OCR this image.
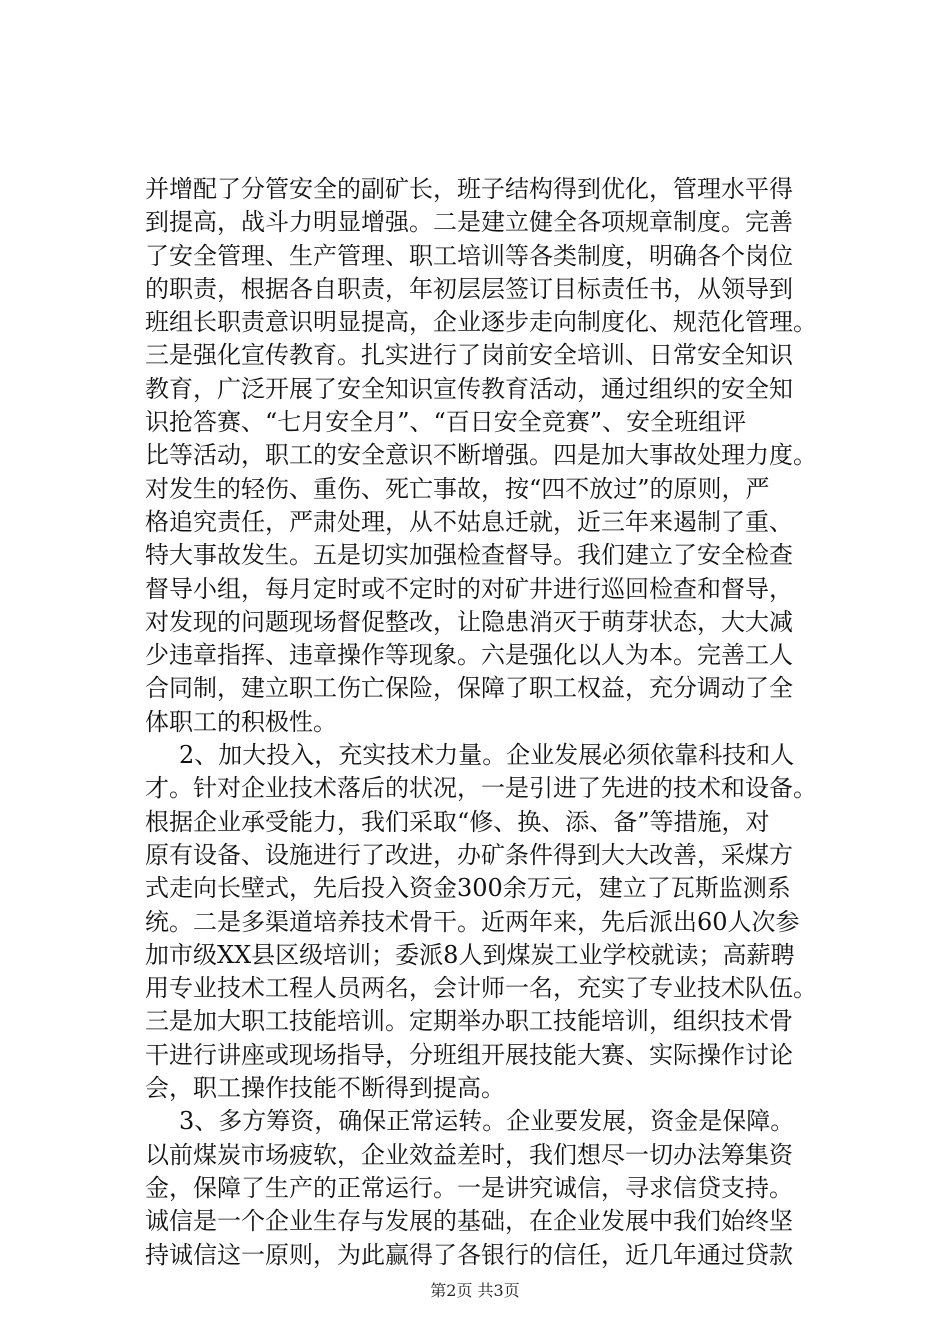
并增配了分管安全的副矿长，班子结构得到优化，管理水平得
到提高，战斗力明显增强。二是建立健全各项规章制度。完善
了安全管理、生产管理、职工培训等各类制度，明确各个岗位
的职责，根据各自职责，年初层层签订目标责任书，从领导到
班组长职责意识明显提高，企业逐步走向制度化、规范化管理。
三是强化宣传教育。扎实进行了岗前安全培训、日常安全知识
教育，广泛开展了安全知识宣传教育活动，通过组织的安全知
识抢答赛、“七月安全月”、“百日安全竞赛”、安全班组评
比等活动，职工的安全意识不断增强。四是加大事故处理力度。
对发生的轻伤、重伤、死亡事故，按“四不放过”的原则，严
格追究责任，严肃处理，从不姑息迁就，近三年来遏制了重、
特大事故发生。五是切实加强检查督导。我们建立了安全检查
督导小组，每月定时或不定时的对矿井进行巡回检查和督导，
对发现的问题现场督促整改，让隐患消灭于萌芽状态，大大减
少违章指挥、违章操作等现象。六是强化以人为本。完善工人
合同制，建立职工伤亡保险，保障了职工权益，充分调动了全
体职工的积极性。
2、加大投入，充实技术力量。企业发展必须依靠科技和人
才。针对企业技术落后的状况，一是引进了先进的技术和设备。
根据企业承受能力，我们采取“修、换、添、备”等措施，对
原有设备、设施进行了改进，办矿条件得到大大改善，采煤方
式走向长壁式，先后投入资金300余万元，建立了瓦斯监测系
统。二是多渠道培养技术骨干。近两年来，先后派出60人次参
加市级XX县区级培训；委派8人到煤炭工业学校就读；高薪聘
用专业技术工程人员两名，会计师一名，充实了专业技术队伍。
三是加大职工技能培训。定期举办职工技能培训，组织技术骨
干进行讲座或现场指导，分班组开展技能大赛、实际操作讨论
会，职工操作技能不断得到提高。
3、多方筹资，确保正常运转。企业要发展，资金是保障。
以前煤炭市场疲软，企业效益差时，我们想尽一切办法筹集资
金，保障了生产的正常运行。一是讲究诚信，寻求信贷支持。
诚信是一个企业生存与发展的基础，在企业发展中我们始终坚
持诚信这一原则，为此赢得了各银行的信任，近几年通过贷款
第2页 共3页
